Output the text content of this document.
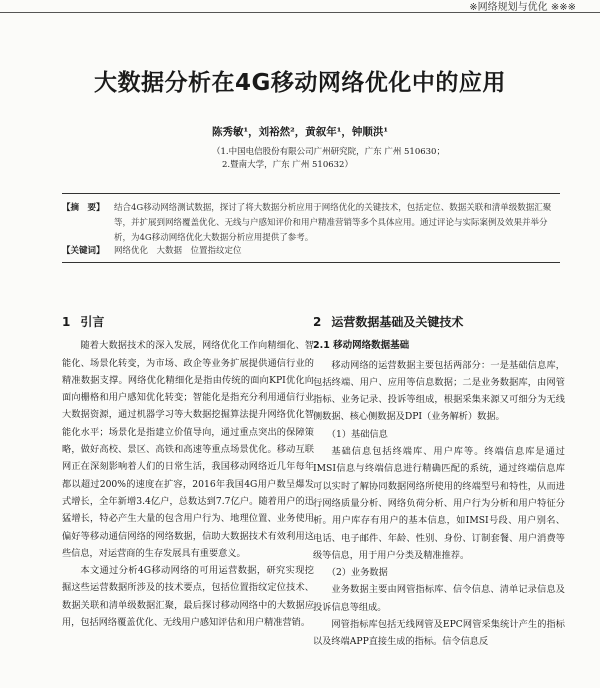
※网络规划与优化 ※※※
大数据分析在4G移动网络优化中的应用
陈秀敏¹，刘裕然²，黄叙年¹，钟顺洪¹
（1.中国电信股份有限公司广州研究院，广东 广州 510630；
2.暨南大学，广东 广州 510632）
【摘　要】	结合4G移动网络测试数据，探讨了将大数据分析应用于网络优化的关键技术，包括定位、数据关联和清单级数据汇聚等，并扩展到网络覆盖优化、无线与户感知评价和用户精准营销等多个具体应用。通过评论与实际案例及效果并举分析，为4G移动网络优化大数据分析应用提供了参考。
【关键词】	网络优化　大数据　位置指纹定位
1 引言

随着大数据技术的深入发展，网络优化工作向精细化、智能化、场景化转变，为市场、政企等业务扩展提供通信行业的精准数据支撑。网络优化精细化是指由传统的面向KPI优化向面向栅格和用户感知优化转变；智能化是指充分利用通信行业大数据资源，通过机器学习等大数据挖掘算法提升网络优化智能化水平；场景化是指建立价值导向，通过重点突出的保障策略，做好高校、景区、高铁和高速等重点场景优化。移动互联网正在深刻影响着人们的日常生活，我国移动网络近几年每年都以超过200%的速度在扩容，2016年我国4G用户数呈爆发式增长，全年新增3.4亿户，总数达到7.7亿户。随着用户的迅猛增长，特必产生大量的包含用户行为、地理位置、业务使用偏好等移动通信网络的网络数据，信助大数据技术有效利用这些信息，对运营商的生存发展具有重要意义。

本文通过分析4G移动网络的可用运营数据，研究实现挖掘这些运营数据所涉及的技术要点，包括位置指纹定位技术、数据关联和清单级数据汇聚，最后探讨移动网络中的大数据应用，包括网络覆盖优化、无线用户感知评估和用户精准营销。

2 运营数据基础及关键技术
2.1 移动网络数据基础

移动网络的运营数据主要包括两部分：一是基础信息库，包括终端、用户、应用等信息数据；二是业务数据库，由网管指标、业务记录、投诉等组成，根据采集来源又可细分为无线侧数据、核心侧数据及DPI（业务解析）数据。

（1）基础信息

基础信息包括终端库、用户库等。终端信息库是通过IMSI信息与终端信息进行精确匹配的系统，通过终端信息库可以实时了解协同数据网络所使用的终端型号和特性，从而进行网络质量分析、网络负荷分析、用户行为分析和用户特征分析。用户库存有用户的基本信息，如IMSI号段、用户别名、电话、电子邮件、年龄、性别、身份、订制套餐、用户消费等级等信息，用于用户分类及精准推荐。

（2）业务数据

业务数据主要由网管指标库、信令信息、清单记录信息及投诉信息等组成。

网管指标库包括无线网管及EPC网管采集统计产生的指标以及终端APP直接生成的指标。信令信息反
